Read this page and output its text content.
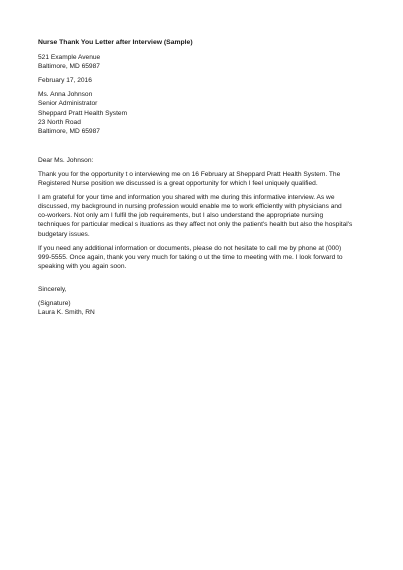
Nurse Thank You Letter after Interview (Sample)
521 Example Avenue
Baltimore, MD 65987
February 17, 2016
Ms. Anna Johnson
Senior Administrator
Sheppard Pratt Health System
23 North Road
Baltimore, MD 65987
Dear Ms. Johnson:

Thank you for the opportunity t o interviewing me on 16 February at Sheppard Pratt Health System. The
Registered Nurse position we discussed is a great opportunity for which I feel uniquely qualified.

I am grateful for your time and information you shared with me during this informative interview. As we
discussed, my background in nursing profession would enable me to work efficiently with physicians and
co-workers. Not only am I fulfil the job requirements, but I also understand the appropriate nursing
techniques for particular medical s ituations as they affect not only the patient's health but also the hospital's
budgetary issues.

If you need any additional information or documents, please do not hesitate to call me by phone at (000)
999-5555. Once again, thank you very much for taking o ut the time to meeting with me. I look forward to
speaking with you again soon.

Sincerely,
(Signature)
Laura K. Smith, RN
